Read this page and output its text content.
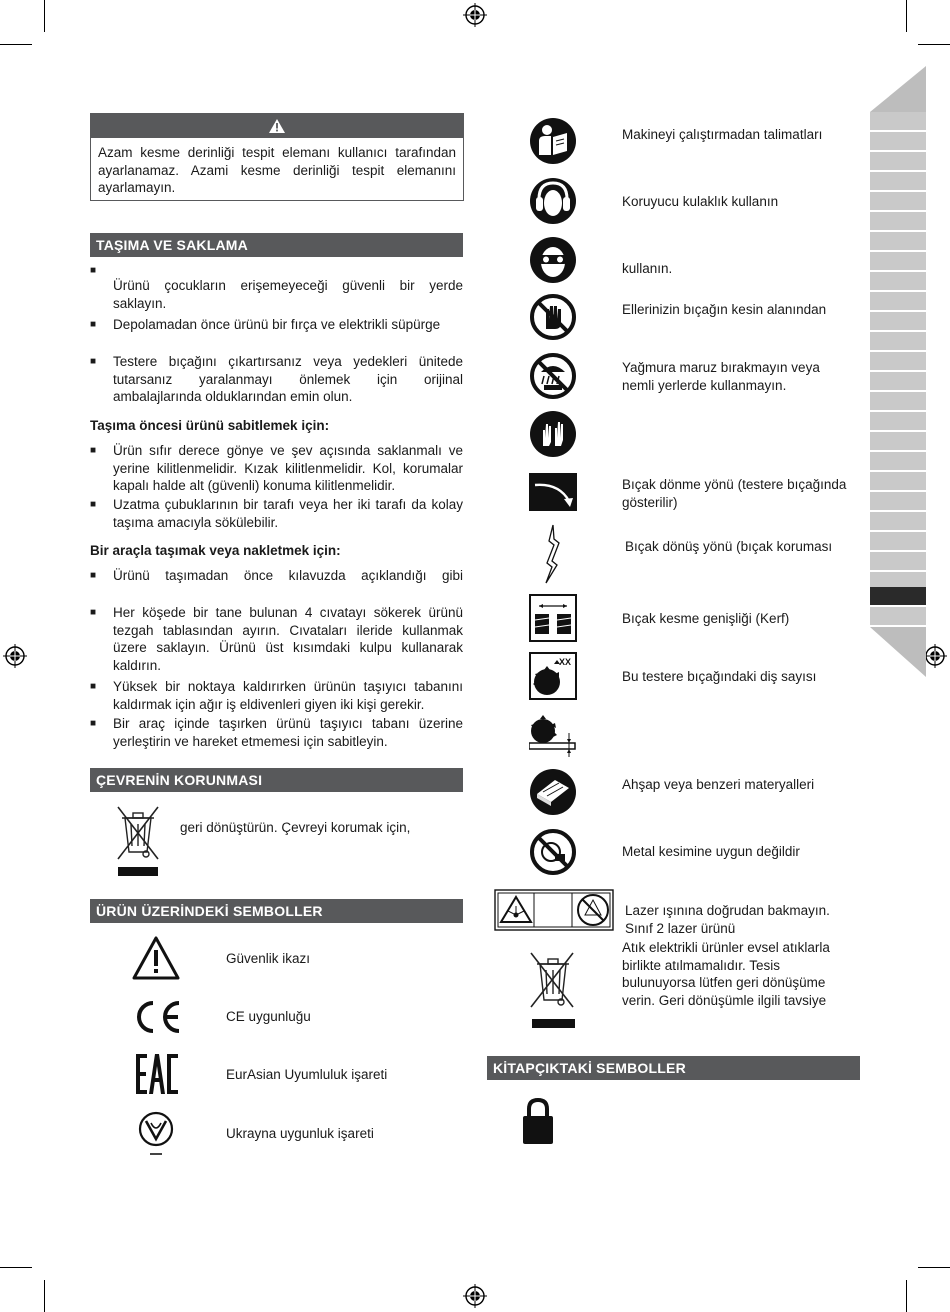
Azam kesme derinliği tespit elemanı kullanıcı tarafından ayarlanamaz. Azami kesme derinliği tespit elemanını ayarlamayın.
TAŞIMA VE SAKLAMA
■
Ürünü çocukların erişemeyeceği güvenli bir yerde saklayın.
■ Depolamadan önce ürünü bir fırça ve elektrikli süpürge
■ Testere bıçağını çıkartırsanız veya yedekleri ünitede tutarsanız yaralanmayı önlemek için orijinal ambalajlarında olduklarından emin olun.
Taşıma öncesi ürünü sabitlemek için:
■ Ürün sıfır derece gönye ve şev açısında saklanmalı ve yerine kilitlenmelidir. Kızak kilitlenmelidir. Kol, korumalar kapalı halde alt (güvenli) konuma kilitlenmelidir.
■ Uzatma çubuklarının bir tarafı veya her iki tarafı da kolay taşıma amacıyla sökülebilir.
Bir araçla taşımak veya nakletmek için:
■ Ürünü taşımadan önce kılavuzda açıklandığı gibi
■ Her köşede bir tane bulunan 4 cıvatayı sökerek ürünü tezgah tablasından ayırın. Cıvataları ileride kullanmak üzere saklayın. Ürünü üst kısımdaki kulpu kullanarak kaldırın.
■ Yüksek bir noktaya kaldırırken ürünün taşıyıcı tabanını kaldırmak için ağır iş eldivenleri giyen iki kişi gerekir.
■ Bir araç içinde taşırken ürünü taşıyıcı tabanı üzerine yerleştirin ve hareket etmemesi için sabitleyin.
ÇEVRENİN KORUNMASI
geri dönüştürün. Çevreyi korumak için,
ÜRÜN ÜZERİNDEKİ SEMBOLLER
Güvenlik ikazı
CE uygunluğu
EurAsian Uyumluluk işareti
Ukrayna uygunluk işareti
Makineyi çalıştırmadan talimatları
Koruyucu kulaklık kullanın
kullanın.
Ellerinizin bıçağın kesin alanından
Yağmura maruz bırakmayın veya nemli yerlerde kullanmayın.
Bıçak dönme yönü (testere bıçağında gösterilir)
Bıçak dönüş yönü (bıçak koruması
Bıçak kesme genişliği (Kerf)
XX
Bu testere bıçağındaki diş sayısı
Ahşap veya benzeri materyalleri
Metal kesimine uygun değildir
Lazer ışınına doğrudan bakmayın. Sınıf 2 lazer ürünü
Atık elektrikli ürünler evsel atıklarla birlikte atılmamalıdır. Tesis bulunuyorsa lütfen geri dönüşüme verin. Geri dönüşümle ilgili tavsiye
KİTAPÇIKTAKİ SEMBOLLER
